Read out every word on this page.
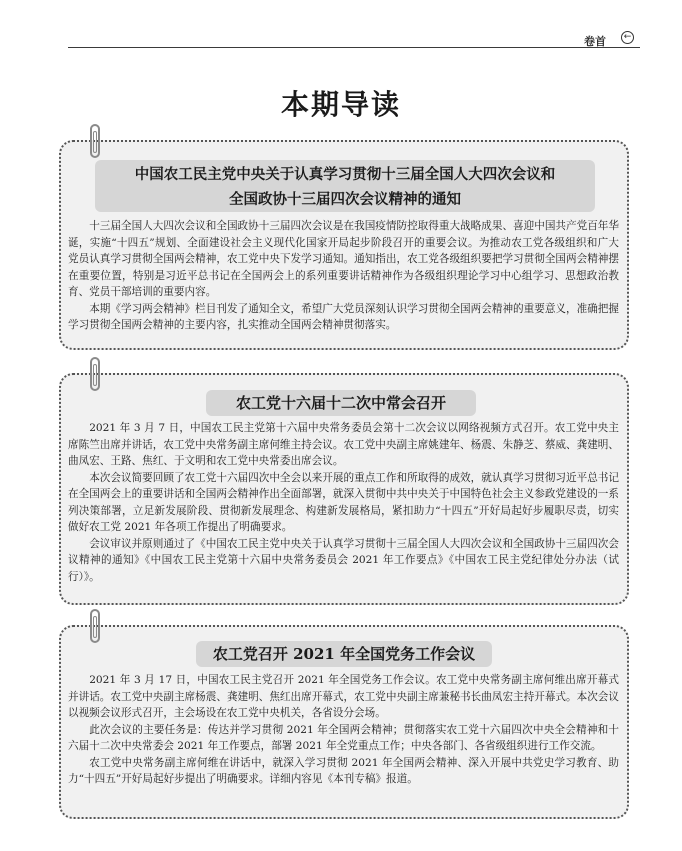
卷首	←
本期导读
中国农工民主党中央关于认真学习贯彻十三届全国人大四次会议和
全国政协十三届四次会议精神的通知

十三届全国人大四次会议和全国政协十三届四次会议是在我国疫情防控取得重大战略成果、喜迎中国共产党百年华诞，实施“十四五”规划、全面建设社会主义现代化国家开局起步阶段召开的重要会议。为推动农工党各级组织和广大党员认真学习贯彻全国两会精神，农工党中央下发学习通知。通知指出，农工党各级组织要把学习贯彻全国两会精神摆在重要位置，特别是习近平总书记在全国两会上的系列重要讲话精神作为各级组织理论学习中心组学习、思想政治教育、党员干部培训的重要内容。

本期《学习两会精神》栏目刊发了通知全文，希望广大党员深刻认识学习贯彻全国两会精神的重要意义，准确把握学习贯彻全国两会精神的主要内容，扎实推动全国两会精神贯彻落实。

农工党十六届十二次中常会召开

2021 年 3 月 7 日，中国农工民主党第十六届中央常务委员会第十二次会议以网络视频方式召开。农工党中央主席陈竺出席并讲话，农工党中央常务副主席何维主持会议。农工党中央副主席姚建年、杨震、朱静芝、蔡威、龚建明、曲凤宏、王路、焦红、于文明和农工党中央常委出席会议。

本次会议简要回顾了农工党十六届四次中全会以来开展的重点工作和所取得的成效，就认真学习贯彻习近平总书记在全国两会上的重要讲话和全国两会精神作出全面部署，就深入贯彻中共中央关于中国特色社会主义参政党建设的一系列决策部署，立足新发展阶段、贯彻新发展理念、构建新发展格局，紧扣助力“十四五”开好局起好步履职尽责，切实做好农工党 2021 年各项工作提出了明确要求。

会议审议并原则通过了《中国农工民主党中央关于认真学习贯彻十三届全国人大四次会议和全国政协十三届四次会议精神的通知》《中国农工民主党第十六届中央常务委员会 2021 年工作要点》《中国农工民主党纪律处分办法（试行）》。

农工党召开 2021 年全国党务工作会议

2021 年 3 月 17 日，中国农工民主党召开 2021 年全国党务工作会议。农工党中央常务副主席何维出席开幕式并讲话。农工党中央副主席杨震、龚建明、焦红出席开幕式，农工党中央副主席兼秘书长曲凤宏主持开幕式。本次会议以视频会议形式召开，主会场设在农工党中央机关，各省设分会场。

此次会议的主要任务是：传达并学习贯彻 2021 年全国两会精神；贯彻落实农工党十六届四次中央全会精神和十六届十二次中央常委会 2021 年工作要点，部署 2021 年全党重点工作；中央各部门、各省级组织进行工作交流。

农工党中央常务副主席何维在讲话中，就深入学习贯彻 2021 年全国两会精神、深入开展中共党史学习教育、助力“十四五”开好局起好步提出了明确要求。详细内容见《本刊专稿》报道。
